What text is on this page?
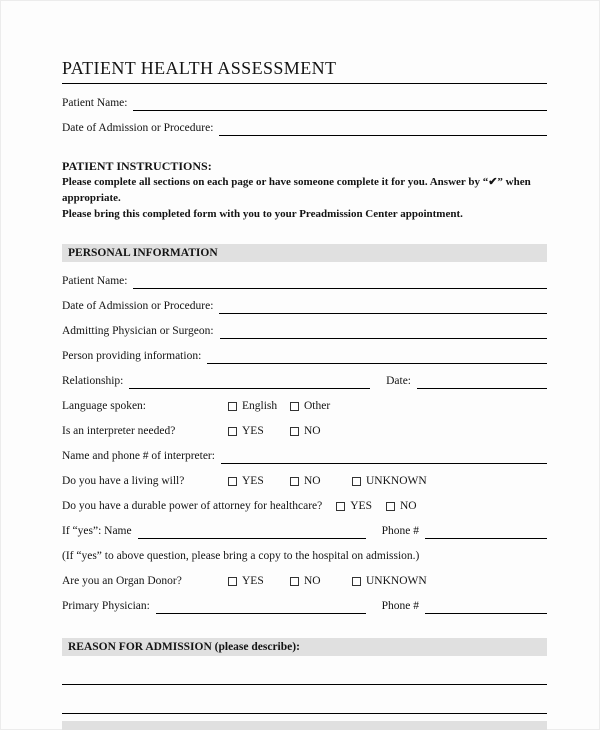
PATIENT HEALTH ASSESSMENT
Patient Name:
Date of Admission or Procedure:
PATIENT INSTRUCTIONS:
Please complete all sections on each page or have someone complete it for you. Answer by “✔” when appropriate.
Please bring this completed form with you to your Preadmission Center appointment.
PERSONAL INFORMATION
Patient Name:
Date of Admission or Procedure:
Admitting Physician or Surgeon:
Person providing information:
Relationship:	Date:
Language spoken:	English Other
Is an interpreter needed?	YES	NO
Name and phone # of interpreter:
Do you have a living will?	YES	NO	UNKNOWN
Do you have a durable power of attorney for healthcare? YES NO
If “yes”: Name	Phone #
(If “yes” to above question, please bring a copy to the hospital on admission.)
Are you an Organ Donor?	YES	NO	UNKNOWN
Primary Physician:	Phone #
REASON FOR ADMISSION (please describe):
